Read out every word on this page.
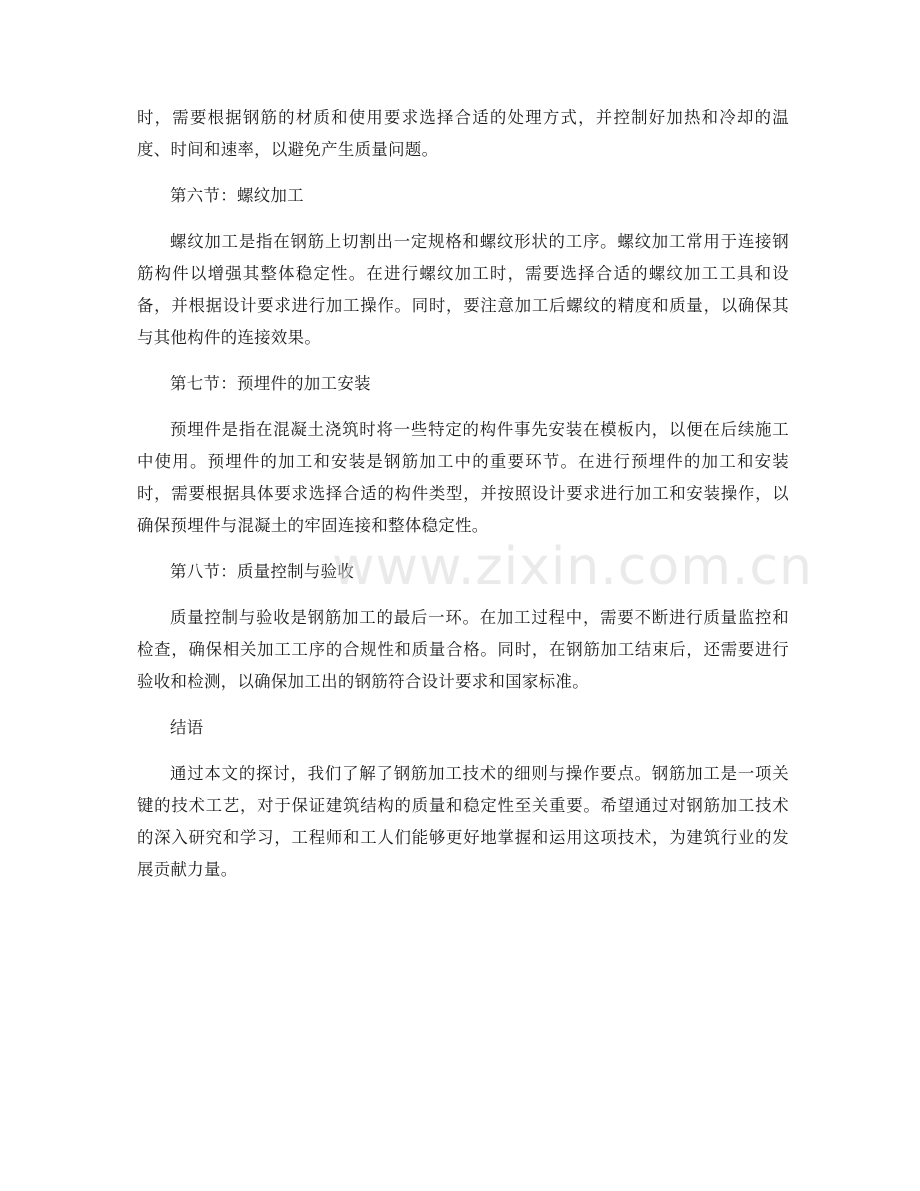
时，需要根据钢筋的材质和使用要求选择合适的处理方式，并控制好加热和冷却的温度、时间和速率，以避免产生质量问题。

第六节：螺纹加工

螺纹加工是指在钢筋上切割出一定规格和螺纹形状的工序。螺纹加工常用于连接钢筋构件以增强其整体稳定性。在进行螺纹加工时，需要选择合适的螺纹加工工具和设备，并根据设计要求进行加工操作。同时，要注意加工后螺纹的精度和质量，以确保其与其他构件的连接效果。

第七节：预埋件的加工安装

预埋件是指在混凝土浇筑时将一些特定的构件事先安装在模板内，以便在后续施工中使用。预埋件的加工和安装是钢筋加工中的重要环节。在进行预埋件的加工和安装时，需要根据具体要求选择合适的构件类型，并按照设计要求进行加工和安装操作，以确保预埋件与混凝土的牢固连接和整体稳定性。

第八节：质量控制与验收

质量控制与验收是钢筋加工的最后一环。在加工过程中，需要不断进行质量监控和检查，确保相关加工工序的合规性和质量合格。同时，在钢筋加工结束后，还需要进行验收和检测，以确保加工出的钢筋符合设计要求和国家标准。

结语

通过本文的探讨，我们了解了钢筋加工技术的细则与操作要点。钢筋加工是一项关键的技术工艺，对于保证建筑结构的质量和稳定性至关重要。希望通过对钢筋加工技术的深入研究和学习，工程师和工人们能够更好地掌握和运用这项技术，为建筑行业的发展贡献力量。

www.zixin.com.cn
